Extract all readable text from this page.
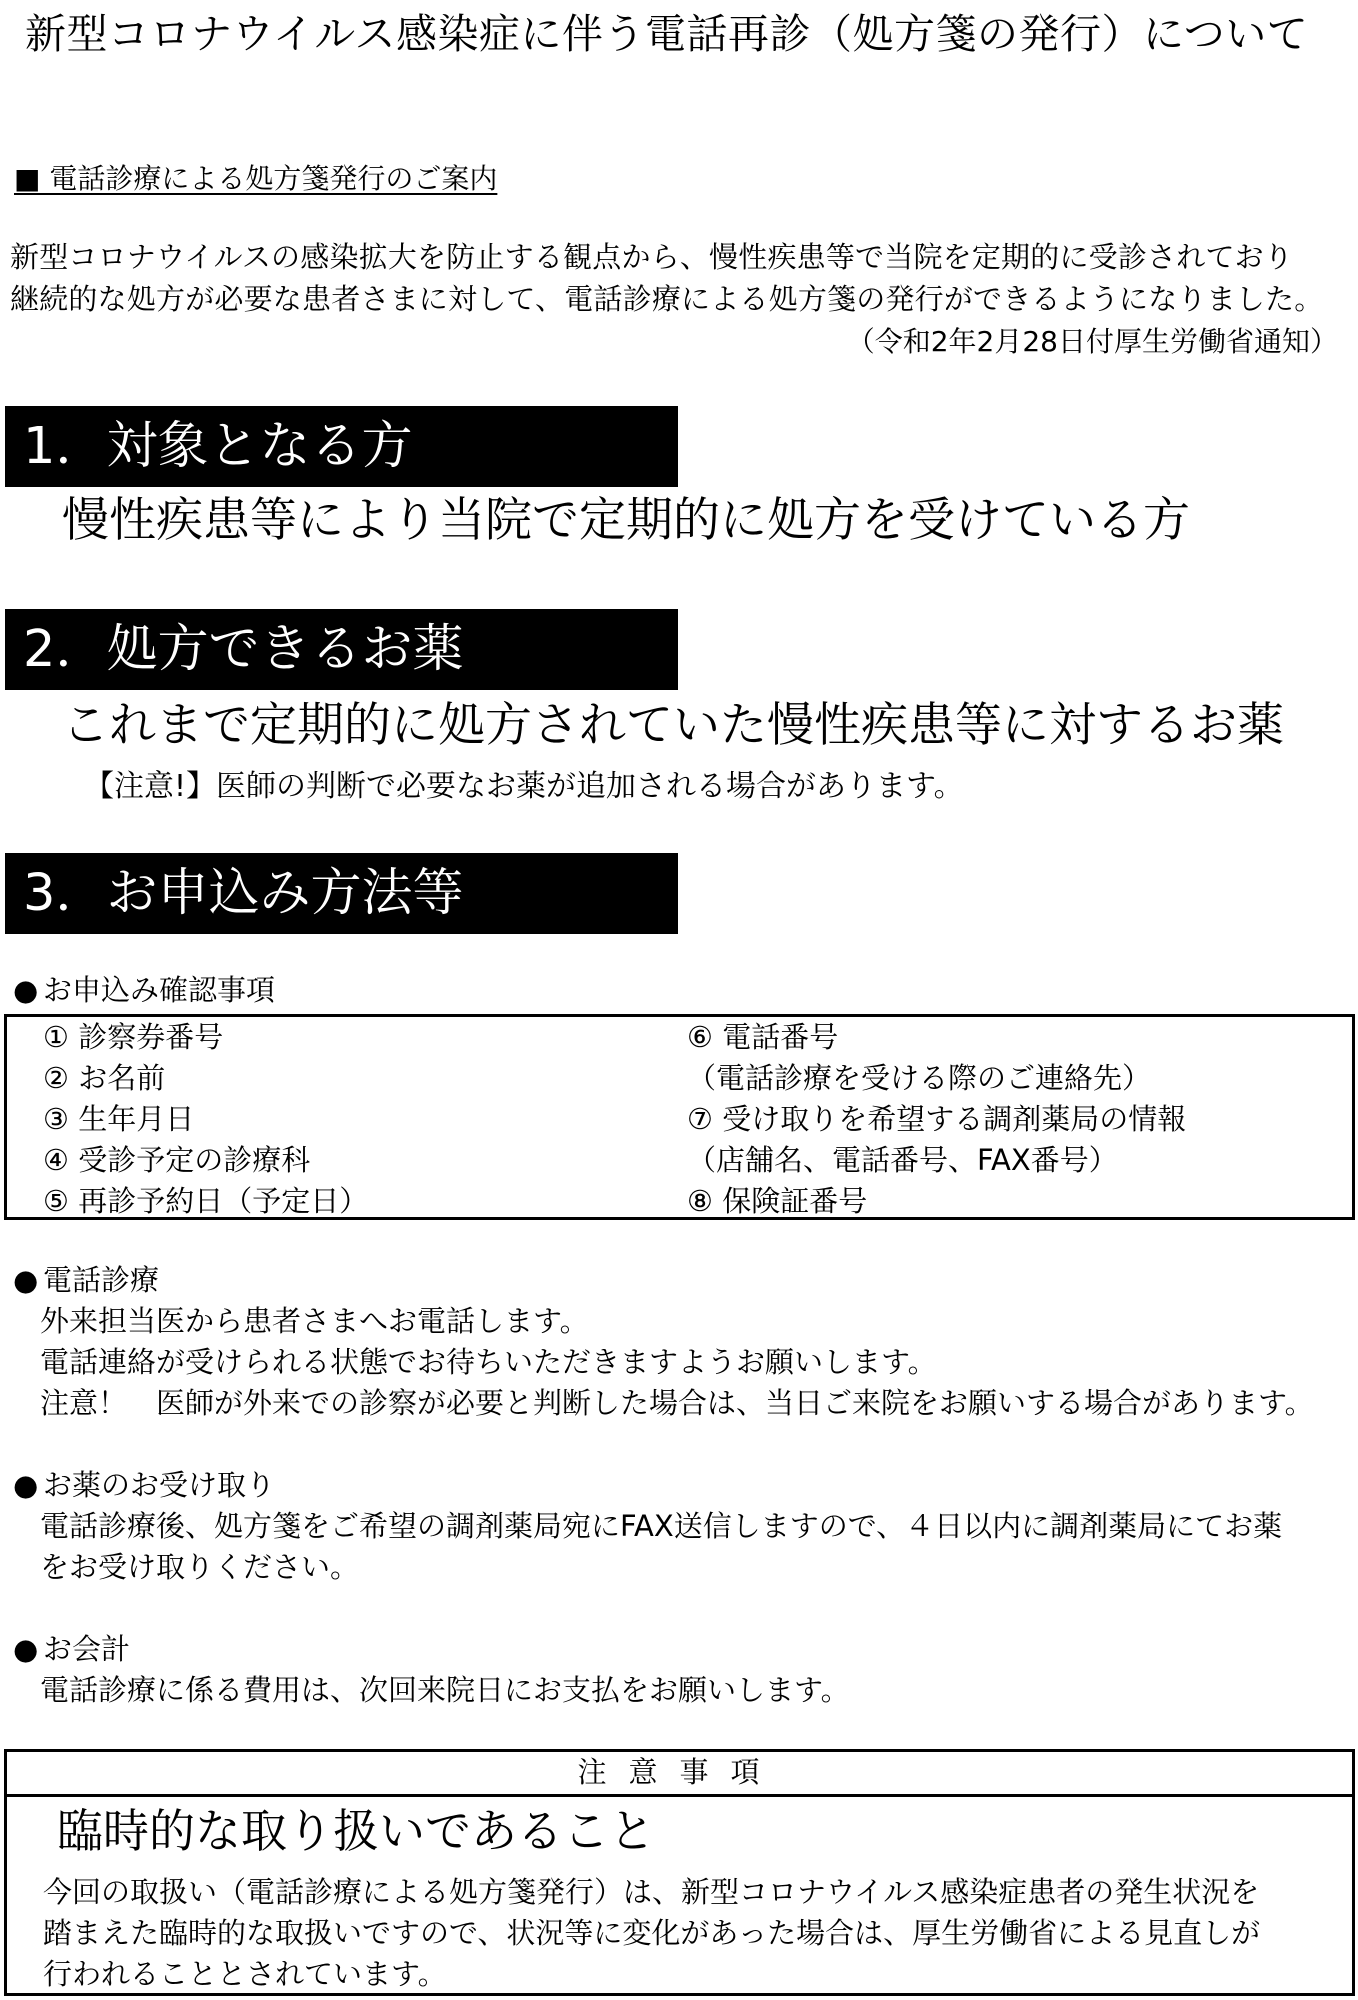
新型コロナウイルス感染症に伴う電話再診（処方箋の発行）について
■ 電話診療による処方箋発行のご案内
新型コロナウイルスの感染拡大を防止する観点から、慢性疾患等で当院を定期的に受診されており
継続的な処方が必要な患者さまに対して、電話診療による処方箋の発行ができるようになりました。
（令和2年2月28日付厚生労働省通知）
1．対象となる方
慢性疾患等により当院で定期的に処方を受けている方
2．処方できるお薬
これまで定期的に処方されていた慢性疾患等に対するお薬
【注意!】医師の判断で必要なお薬が追加される場合があります。
3．お申込み方法等
● お申込み確認事項
① 診察券番号
② お名前
③ 生年月日
④ 受診予定の診療科
⑤ 再診予約日（予定日）
⑥ 電話番号
（電話診療を受ける際のご連絡先）
⑦ 受け取りを希望する調剤薬局の情報
（店舗名、電話番号、FAX番号）
⑧ 保険証番号
● 電話診療
外来担当医から患者さまへお電話します。
電話連絡が受けられる状態でお待ちいただきますようお願いします。
注意！　医師が外来での診察が必要と判断した場合は、当日ご来院をお願いする場合があります。
● お薬のお受け取り
電話診療後、処方箋をご希望の調剤薬局宛にFAX送信しますので、４日以内に調剤薬局にてお薬
をお受け取りください。
● お会計
電話診療に係る費用は、次回来院日にお支払をお願いします。
注意事項
臨時的な取り扱いであること
今回の取扱い（電話診療による処方箋発行）は、新型コロナウイルス感染症患者の発生状況を
踏まえた臨時的な取扱いですので、状況等に変化があった場合は、厚生労働省による見直しが
行われることとされています。
